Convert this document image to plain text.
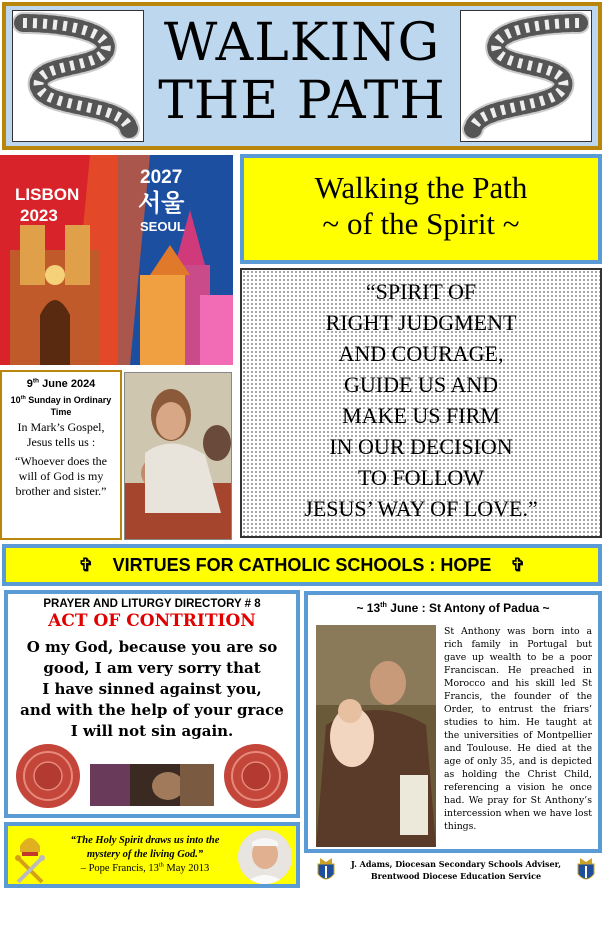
WALKING
THE PATH
LISBON
2023
2027
서울
SEOUL
Walking the Path
~ of the Spirit ~
“SPIRIT OF
RIGHT JUDGMENT
AND COURAGE,
GUIDE US AND
MAKE US FIRM
IN OUR DECISION
TO FOLLOW
JESUS’ WAY OF LOVE.”
9th June 2024
10th Sunday in Ordinary Time
In Mark’s Gospel, Jesus tells us :
“Whoever does the will of God is my brother and sister.”
✞ VIRTUES FOR CATHOLIC SCHOOLS : HOPE ✞
PRAYER AND LITURGY DIRECTORY # 8
ACT OF CONTRITION
O my God, because you are so
good, I am very sorry that
I have sinned against you,
and with the help of your grace
I will not sin again.
~ 13th June : St Antony of Padua ~
St Anthony was born into a rich family in Portugal but gave up wealth to be a poor Franciscan. He preached in Morocco and his skill led St Francis, the founder of the Order, to entrust the friars’ studies to him. He taught at the universities of Montpellier and Toulouse. He died at the age of only 35, and is depicted as holding the Christ Child, referencing a vision he once had. We pray for St Anthony’s intercession when we have lost things.
“The Holy Spirit draws us into the mystery of the living God.”
– Pope Francis, 13th May 2013	J. Adams, Diocesan Secondary Schools Adviser,
Brentwood Diocese Education Service
